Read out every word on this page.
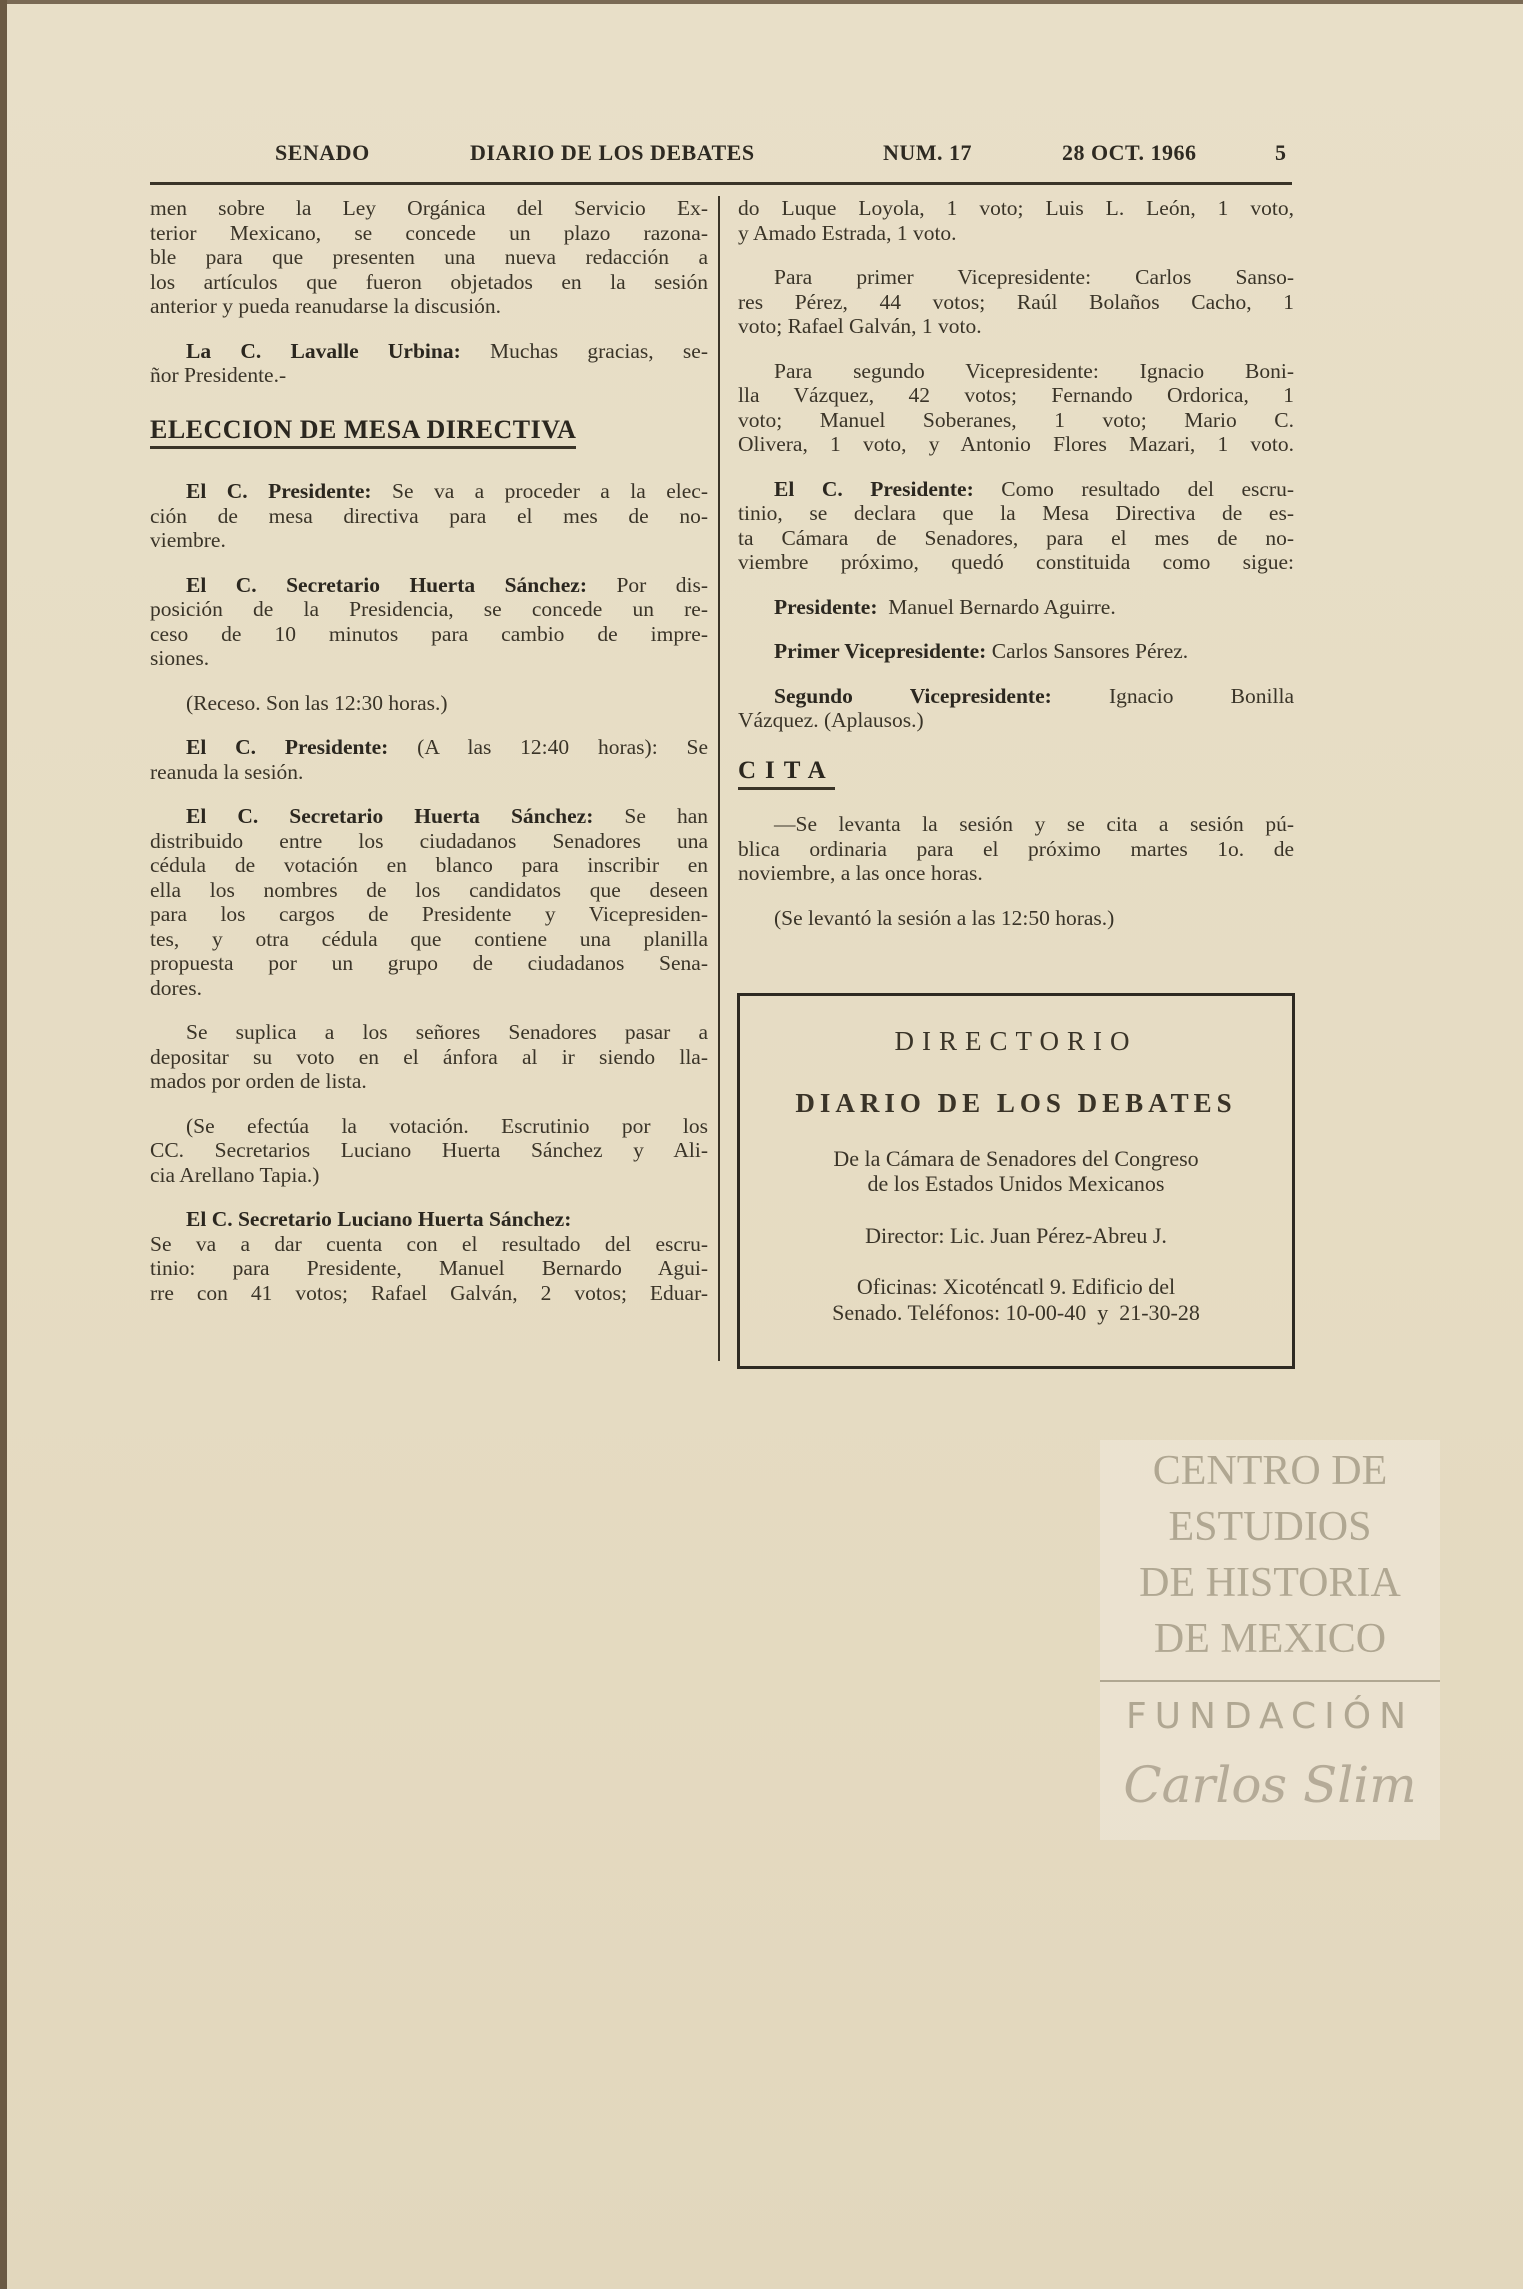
CENTRO DE
ESTUDIOS
DE HISTORIA
DE MEXICO
FUNDACIÓN
Carlos Slim
SENADO	DIARIO DE LOS DEBATES	NUM. 17	28 OCT. 1966	5
men sobre la Ley Orgánica del Servicio Ex-
terior Mexicano, se concede un plazo razona-
ble para que presenten una nueva redacción a
los artículos que fueron objetados en la sesión
anterior y pueda reanudarse la discusión.
La C. Lavalle Urbina: Muchas gracias, se-
ñor Presidente.-
ELECCION DE MESA DIRECTIVA
El C. Presidente: Se va a proceder a la elec-
ción de mesa directiva para el mes de no-
viembre.
El C. Secretario Huerta Sánchez: Por dis-
posición de la Presidencia, se concede un re-
ceso de 10 minutos para cambio de impre-
siones.
(Receso. Son las 12:30 horas.)
El C. Presidente: (A las 12:40 horas): Se
reanuda la sesión.
El C. Secretario Huerta Sánchez: Se han
distribuido entre los ciudadanos Senadores una
cédula de votación en blanco para inscribir en
ella los nombres de los candidatos que deseen
para los cargos de Presidente y Vicepresiden-
tes, y otra cédula que contiene una planilla
propuesta por un grupo de ciudadanos Sena-
dores.
Se suplica a los señores Senadores pasar a
depositar su voto en el ánfora al ir siendo lla-
mados por orden de lista.
(Se efectúa la votación. Escrutinio por los
CC. Secretarios Luciano Huerta Sánchez y Ali-
cia Arellano Tapia.)
El C. Secretario Luciano Huerta Sánchez:
Se va a dar cuenta con el resultado del escru-
tinio: para Presidente, Manuel Bernardo Agui-
rre con 41 votos; Rafael Galván, 2 votos; Eduar-
do Luque Loyola, 1 voto; Luis L. León, 1 voto,
y Amado Estrada, 1 voto.
Para primer Vicepresidente: Carlos Sanso-
res Pérez, 44 votos; Raúl Bolaños Cacho, 1
voto; Rafael Galván, 1 voto.
Para segundo Vicepresidente: Ignacio Boni-
lla Vázquez, 42 votos; Fernando Ordorica, 1
voto; Manuel Soberanes, 1 voto; Mario C.
Olivera, 1 voto, y Antonio Flores Mazari, 1 voto.
El C. Presidente: Como resultado del escru-
tinio, se declara que la Mesa Directiva de es-
ta Cámara de Senadores, para el mes de no-
viembre próximo, quedó constituida como sigue:
Presidente:  Manuel Bernardo Aguirre.
Primer Vicepresidente: Carlos Sansores Pérez.
Segundo Vicepresidente: Ignacio Bonilla
Vázquez. (Aplausos.)
CITA
—Se levanta la sesión y se cita a sesión pú-
blica ordinaria para el próximo martes 1o. de
noviembre, a las once horas.
(Se levantó la sesión a las 12:50 horas.)
DIRECTORIO
DIARIO DE LOS DEBATES
De la Cámara de Senadores del Congreso
de los Estados Unidos Mexicanos
Director: Lic. Juan Pérez-Abreu J.
Oficinas: Xicoténcatl 9. Edificio del
Senado. Teléfonos: 10-00-40  y  21-30-28
